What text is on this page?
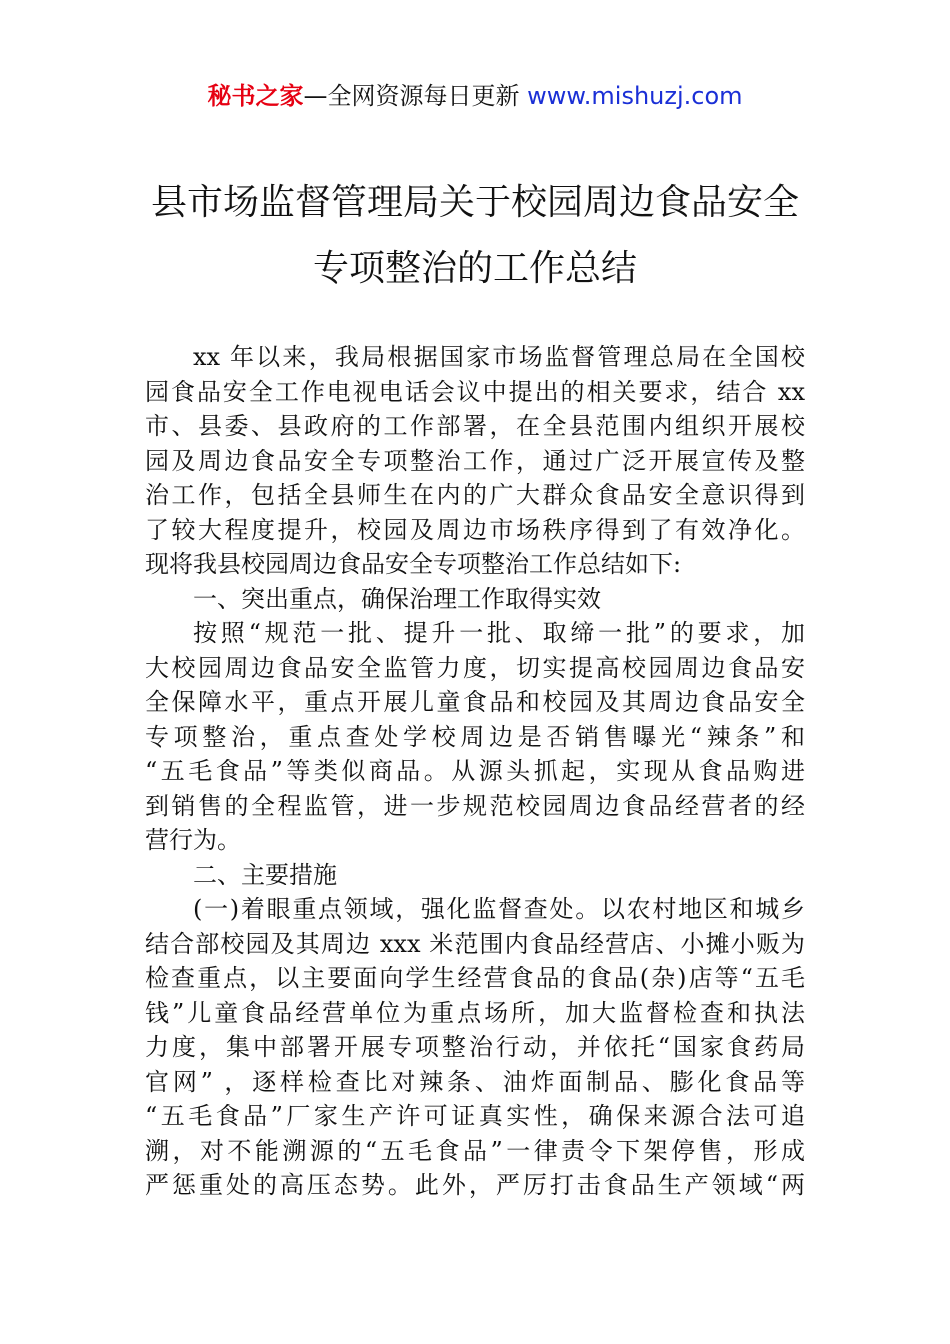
秘书之家—全网资源每日更新 www.mishuzj.com
县市场监督管理局关于校园周边食品安全
专项整治的工作总结
xx 年以来，我局根据国家市场监督管理总局在全国校
园食品安全工作电视电话会议中提出的相关要求，结合 xx
市、县委、县政府的工作部署，在全县范围内组织开展校
园及周边食品安全专项整治工作，通过广泛开展宣传及整
治工作，包括全县师生在内的广大群众食品安全意识得到
了较大程度提升，校园及周边市场秩序得到了有效净化。
现将我县校园周边食品安全专项整治工作总结如下:
一、突出重点，确保治理工作取得实效
按照“规范一批、提升一批、取缔一批”的要求，加
大校园周边食品安全监管力度，切实提高校园周边食品安
全保障水平，重点开展儿童食品和校园及其周边食品安全
专项整治，重点查处学校周边是否销售曝光“辣条”和
“五毛食品”等类似商品。从源头抓起，实现从食品购进
到销售的全程监管，进一步规范校园周边食品经营者的经
营行为。
二、主要措施
(一)着眼重点领域，强化监督查处。以农村地区和城乡
结合部校园及其周边 xxx 米范围内食品经营店、小摊小贩为
检查重点，以主要面向学生经营食品的食品(杂)店等“五毛
钱”儿童食品经营单位为重点场所，加大监督检查和执法
力度，集中部署开展专项整治行动，并依托“国家食药局
官网” ，逐样检查比对辣条、油炸面制品、膨化食品等
“五毛食品”厂家生产许可证真实性，确保来源合法可追
溯，对不能溯源的“五毛食品”一律责令下架停售，形成
严惩重处的高压态势。此外，严厉打击食品生产领域“两
